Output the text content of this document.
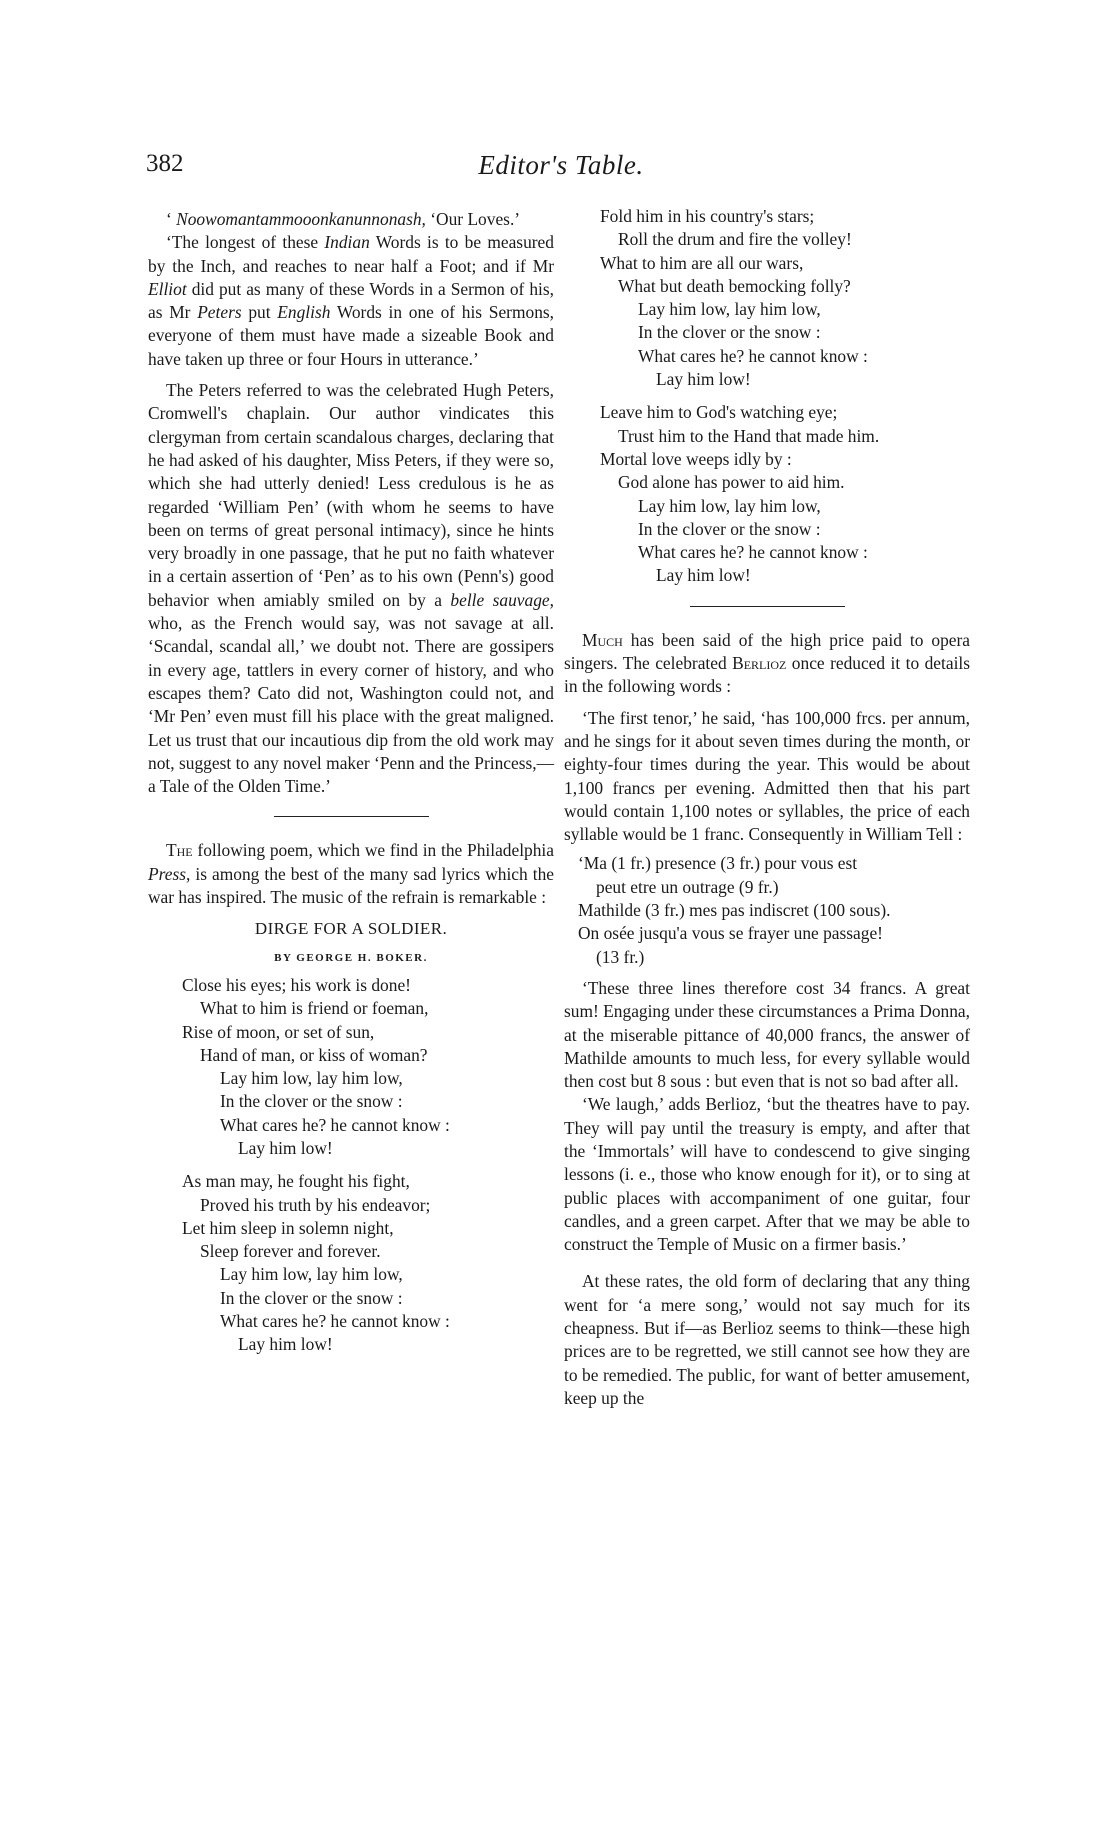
382	Editor's Table.

‘ Noowomantammooonkanunnonash, ‘Our Loves.’

‘The longest of these Indian Words is to be measured by the Inch, and reaches to near half a Foot; and if Mr Elliot did put as many of these Words in a Sermon of his, as Mr Peters put English Words in one of his Sermons, everyone of them must have made a sizeable Book and have taken up three or four Hours in utterance.’

The Peters referred to was the celebrated Hugh Peters, Cromwell's chaplain. Our author vindicates this clergyman from certain scandalous charges, declaring that he had asked of his daughter, Miss Peters, if they were so, which she had utterly denied! Less credulous is he as regarded ‘William Pen’ (with whom he seems to have been on terms of great personal intimacy), since he hints very broadly in one passage, that he put no faith whatever in a certain assertion of ‘Pen’ as to his own (Penn's) good behavior when amiably smiled on by a belle sauvage, who, as the French would say, was not savage at all. ‘Scandal, scandal all,’ we doubt not. There are gossipers in every age, tattlers in every corner of history, and who escapes them? Cato did not, Washington could not, and ‘Mr Pen’ even must fill his place with the great maligned. Let us trust that our incautious dip from the old work may not, suggest to any novel maker ‘Penn and the Princess,—a Tale of the Olden Time.’

The following poem, which we find in the Philadelphia Press, is among the best of the many sad lyrics which the war has inspired. The music of the refrain is remarkable :

DIRGE FOR A SOLDIER.
BY GEORGE H. BOKER.
Close his eyes; his work is done!
What to him is friend or foeman,
Rise of moon, or set of sun,
Hand of man, or kiss of woman?
Lay him low, lay him low,
In the clover or the snow :
What cares he? he cannot know :
Lay him low!
As man may, he fought his fight,
Proved his truth by his endeavor;
Let him sleep in solemn night,
Sleep forever and forever.
Lay him low, lay him low,
In the clover or the snow :
What cares he? he cannot know :
Lay him low!
Fold him in his country's stars;
Roll the drum and fire the volley!
What to him are all our wars,
What but death bemocking folly?
Lay him low, lay him low,
In the clover or the snow :
What cares he? he cannot know :
Lay him low!
Leave him to God's watching eye;
Trust him to the Hand that made him.
Mortal love weeps idly by :
God alone has power to aid him.
Lay him low, lay him low,
In the clover or the snow :
What cares he? he cannot know :
Lay him low!

Much has been said of the high price paid to opera singers. The celebrated Berlioz once reduced it to details in the following words :

‘The first tenor,’ he said, ‘has 100,000 frcs. per annum, and he sings for it about seven times during the month, or eighty-four times during the year. This would be about 1,100 francs per evening. Admitted then that his part would contain 1,100 notes or syllables, the price of each syllable would be 1 franc. Consequently in William Tell :

‘Ma (1 fr.) presence (3 fr.) pour vous est
peut etre un outrage (9 fr.)
Mathilde (3 fr.) mes pas indiscret (100 sous).
On osée jusqu'a vous se frayer une passage!
(13 fr.)

‘These three lines therefore cost 34 francs. A great sum! Engaging under these circumstances a Prima Donna, at the miserable pittance of 40,000 francs, the answer of Mathilde amounts to much less, for every syllable would then cost but 8 sous : but even that is not so bad after all.

‘We laugh,’ adds Berlioz, ‘but the theatres have to pay. They will pay until the treasury is empty, and after that the ‘Immortals’ will have to condescend to give singing lessons (i. e., those who know enough for it), or to sing at public places with accompaniment of one guitar, four candles, and a green carpet. After that we may be able to construct the Temple of Music on a firmer basis.’

At these rates, the old form of declaring that any thing went for ‘a mere song,’ would not say much for its cheapness. But if—as Berlioz seems to think—these high prices are to be regretted, we still cannot see how they are to be remedied. The public, for want of better amusement, keep up the
